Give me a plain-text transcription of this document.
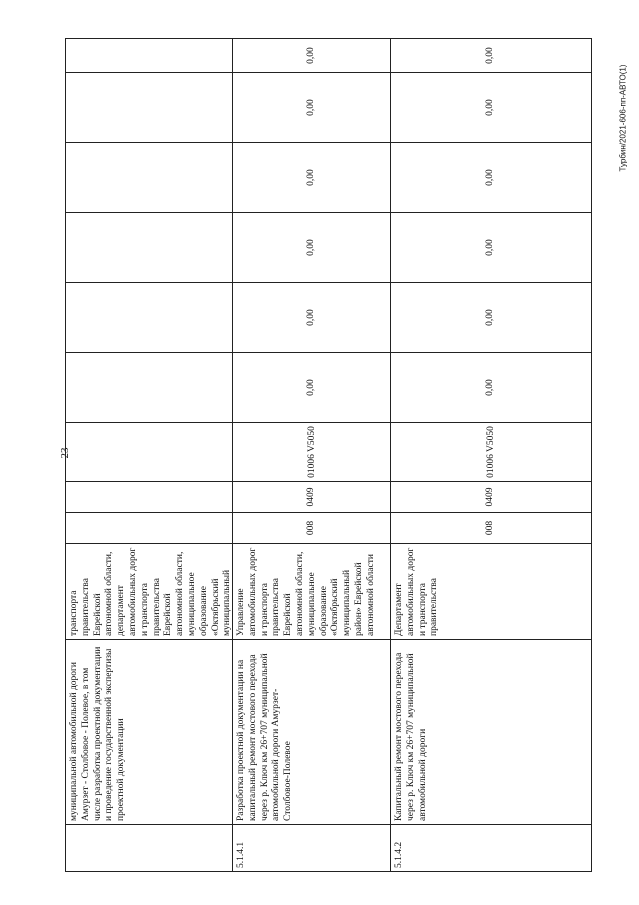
23
Турбин/2021-606-пп-АВТО(1)
муниципальной автомобильной дороги Амурзет - Столбовое - Полевое, в том числе разработка проектной документации и проведение государственной экспертизы проектной документации
транспорта правительства Еврейской автономной области, департамент автомобильных дорог и транспорта правительства Еврейской автономной области, муниципальное образование «Октябрьский муниципальный
5.1.4.1
Разработка проектной документации на капитальный ремонт мостового перехода через р. Ключ км 26+707 муниципальной автомобильной дороги Амурзет-Столбовое-Полевое
Управление автомобильных дорог и транспорта правительства Еврейской автономной области, муниципальное образование «Октябрьский муниципальный район» Еврейской автономной области
008
0409
01006 V5050
0,00
0,00
0,00
0,00
0,00
0,00
5.1.4.2
Капитальный ремонт мостового перехода через р. Ключ км 26+707 муниципальной автомобильной дороги
Департамент автомобильных дорог и транспорта правительства
008
0409
01006 V5050
0,00
0,00
0,00
0,00
0,00
0,00
